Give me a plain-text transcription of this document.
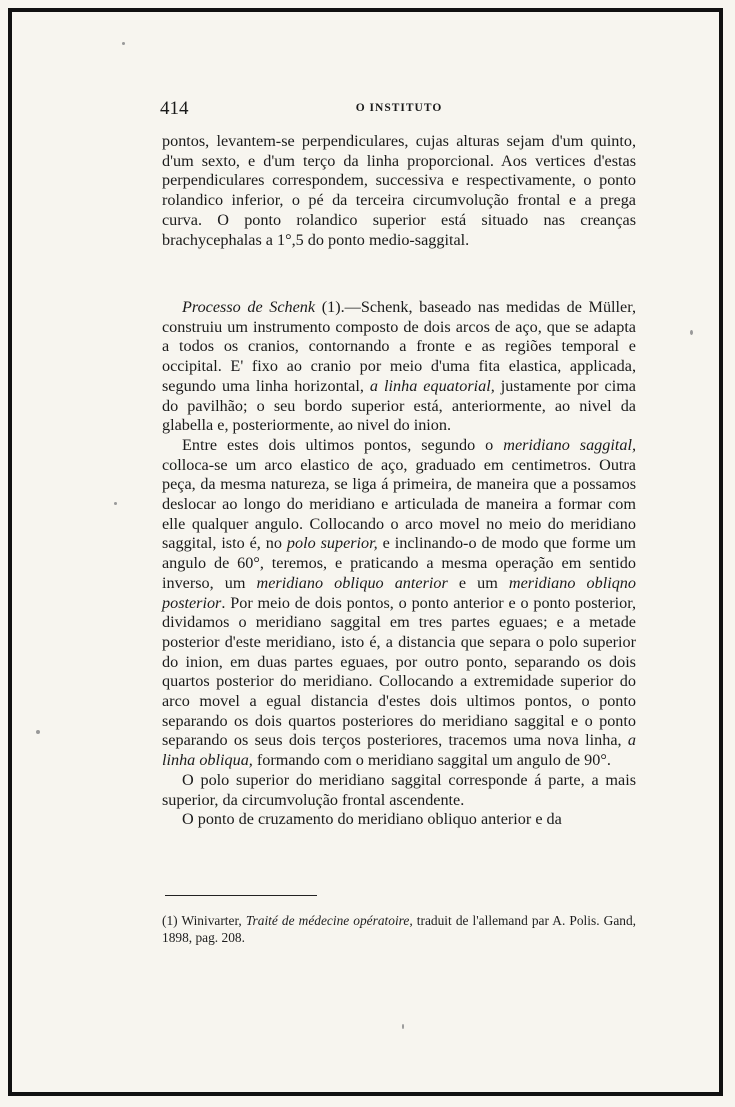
414	O INSTITUTO

pontos, levantem-se perpendiculares, cujas alturas sejam d'um quinto, d'um sexto, e d'um terço da linha proporcional. Aos vertices d'estas perpendiculares correspondem, successiva e respectivamente, o ponto rolandico inferior, o pé da terceira circumvolução frontal e a prega curva. O ponto rolandico superior está situado nas creanças brachycephalas a 1°,5 do ponto medio-saggital.

Processo de Schenk (1).—Schenk, baseado nas medidas de Müller, construiu um instrumento composto de dois arcos de aço, que se adapta a todos os cranios, contornando a fronte e as regiões temporal e occipital. E' fixo ao cranio por meio d'uma fita elastica, applicada, segundo uma linha horizontal, a linha equatorial, justamente por cima do pavilhão; o seu bordo superior está, anteriormente, ao nivel da glabella e, posteriormente, ao nivel do inion.

Entre estes dois ultimos pontos, segundo o meridiano saggital, colloca-se um arco elastico de aço, graduado em centimetros. Outra peça, da mesma natureza, se liga á primeira, de maneira que a possamos deslocar ao longo do meridiano e articulada de maneira a formar com elle qualquer angulo. Collocando o arco movel no meio do meridiano saggital, isto é, no polo superior, e inclinando-o de modo que forme um angulo de 60°, teremos, e praticando a mesma operação em sentido inverso, um meridiano obliquo anterior e um meridiano obliqno posterior. Por meio de dois pontos, o ponto anterior e o ponto posterior, dividamos o meridiano saggital em tres partes eguaes; e a metade posterior d'este meridiano, isto é, a distancia que separa o polo superior do inion, em duas partes eguaes, por outro ponto, separando os dois quartos posterior do meridiano. Collocando a extremidade superior do arco movel a egual distancia d'estes dois ultimos pontos, o ponto separando os dois quartos posteriores do meridiano saggital e o ponto separando os seus dois terços posteriores, tracemos uma nova linha, a linha obliqua, formando com o meridiano saggital um angulo de 90°.

O polo superior do meridiano saggital corresponde á parte, a mais superior, da circumvolução frontal ascendente.

O ponto de cruzamento do meridiano obliquo anterior e da

(1) Winivarter, Traité de médecine opératoire, traduit de l'allemand par A. Polis. Gand, 1898, pag. 208.
